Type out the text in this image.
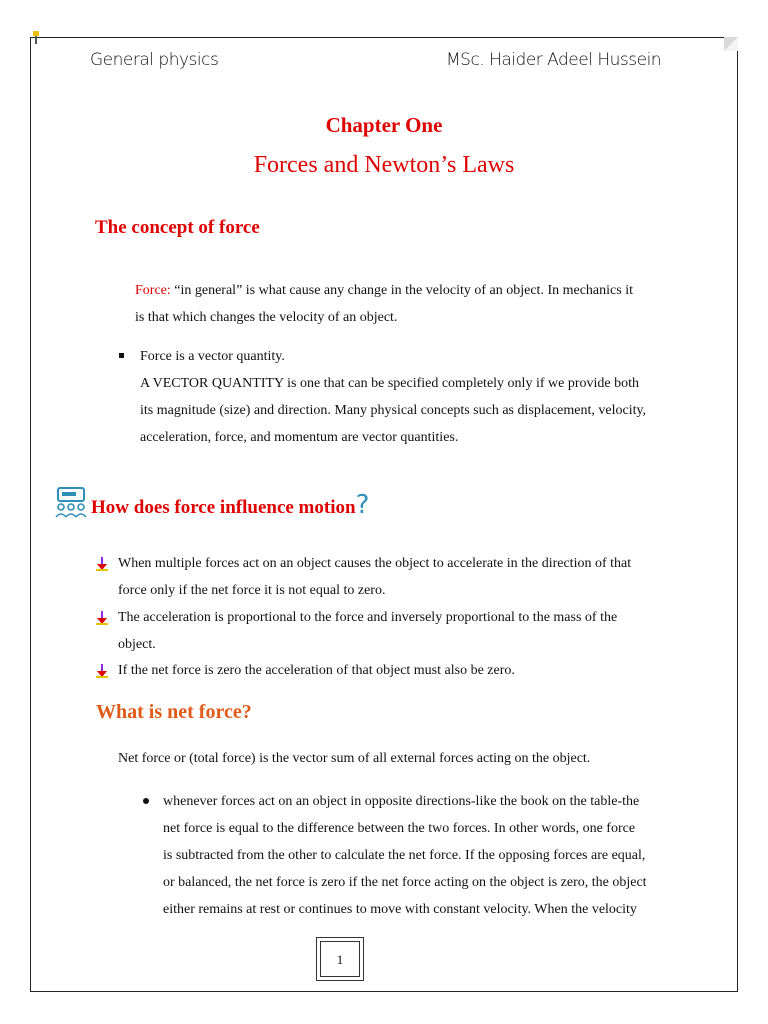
General physics	MSc. Haider Adeel Hussein
Chapter One
Forces and Newton’s Laws
The concept of force
Force: “in general” is what cause any change in the velocity of an object. In mechanics it
is that which changes the velocity of an object.
Force is a vector quantity.
A VECTOR QUANTITY is one that can be specified completely only if we provide both
its magnitude (size) and direction. Many physical concepts such as displacement, velocity,
acceleration, force, and momentum are vector quantities.
How does force influence motion?
When multiple forces act on an object causes the object to accelerate in the direction of that
force only if the net force it is not equal to zero.
The acceleration is proportional to the force and inversely proportional to the mass of the
object.
If the net force is zero the acceleration of that object must also be zero.
What is net force?
Net force or (total force) is the vector sum of all external forces acting on the object.
whenever forces act on an object in opposite directions-like the book on the table-the
net force is equal to the difference between the two forces. In other words, one force
is subtracted from the other to calculate the net force. If the opposing forces are equal,
or balanced, the net force is zero if the net force acting on the object is zero, the object
either remains at rest or continues to move with constant velocity. When the velocity
1
